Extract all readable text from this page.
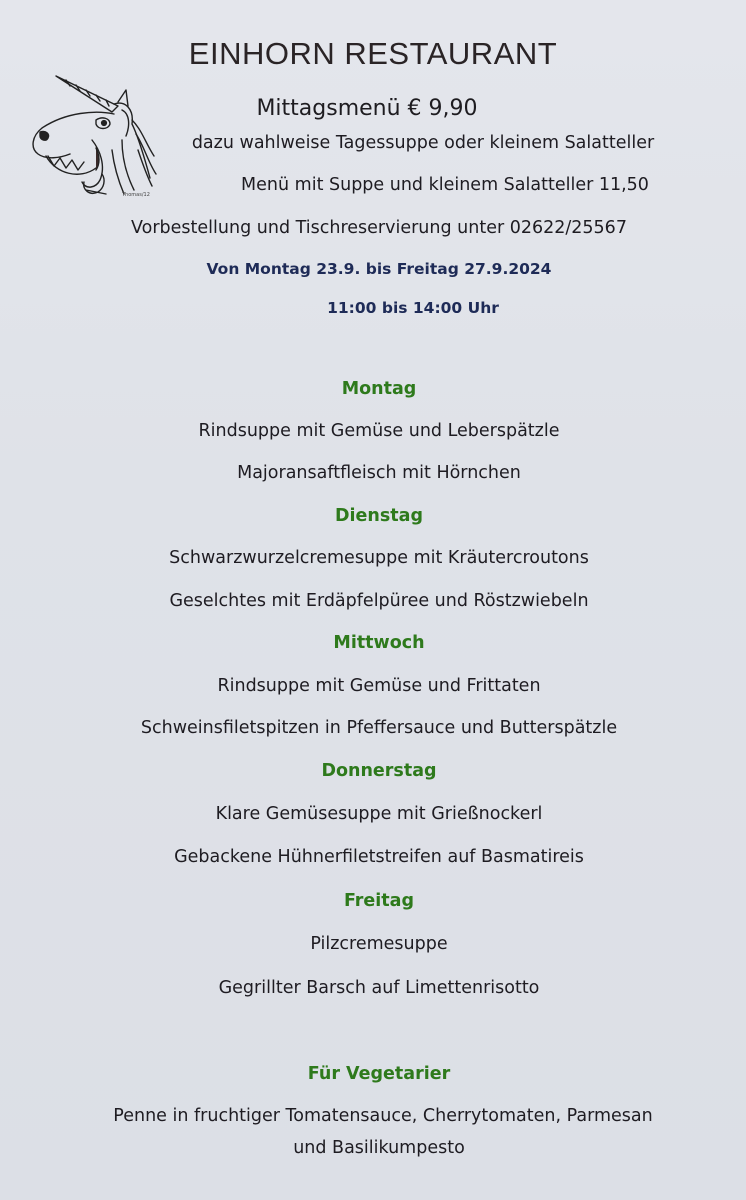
Thomas/12
EINHORN RESTAURANT
Mittagsmenü € 9,90
dazu wahlweise Tagessuppe oder kleinem Salatteller
Menü mit Suppe und kleinem Salatteller 11,50
Vorbestellung und Tischreservierung unter 02622/25567
Von Montag 23.9. bis Freitag 27.9.2024
11:00 bis 14:00 Uhr
Montag
Rindsuppe mit Gemüse und Leberspätzle
Majoransaftfleisch mit Hörnchen
Dienstag
Schwarzwurzelcremesuppe mit Kräutercroutons
Geselchtes mit Erdäpfelpüree und Röstzwiebeln
Mittwoch
Rindsuppe mit Gemüse und Frittaten
Schweinsfiletspitzen in Pfeffersauce und Butterspätzle
Donnerstag
Klare Gemüsesuppe mit Grießnockerl
Gebackene Hühnerfiletstreifen auf Basmatireis
Freitag
Pilzcremesuppe
Gegrillter Barsch auf Limettenrisotto
Für Vegetarier
Penne in fruchtiger Tomatensauce, Cherrytomaten, Parmesan
und Basilikumpesto
